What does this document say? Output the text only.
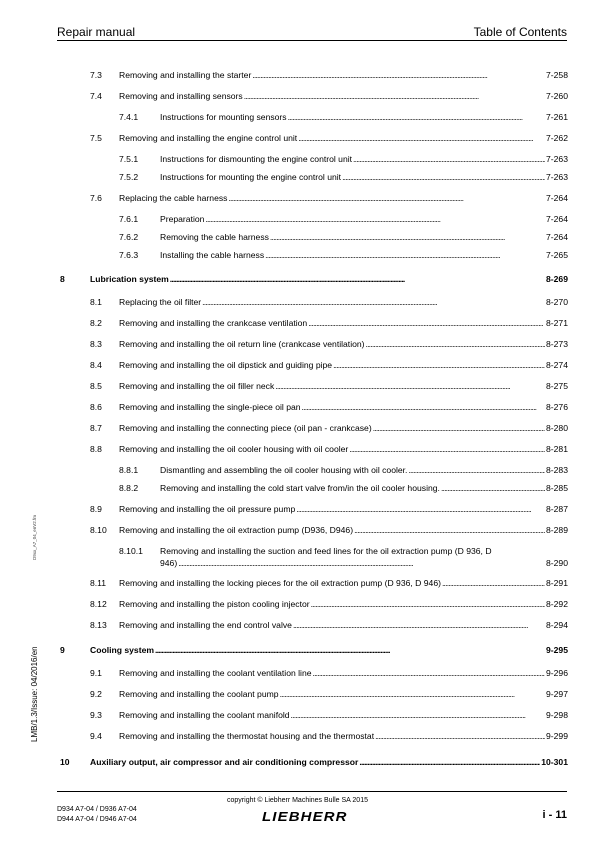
Repair manual	Table of Contents
7.3 Removing and installing the starter . . .	7-258
7.4 Removing and installing sensors . . .	7-260
7.4.1	Instructions for mounting sensors . . .	7-261
7.5 Removing and installing the engine control unit . . .	7-262
7.5.1	Instructions for dismounting the engine control unit . . .	7-263
7.5.2	Instructions for mounting the engine control unit . . .	7-263
7.6 Replacing the cable harness . . .	7-264
7.6.1	Preparation . . .	7-264
7.6.2	Removing the cable harness . . .	7-264
7.6.3	Installing the cable harness . . .	7-265
8	Lubrication system . . .	8-269
8.1 Replacing the oil filter . . .	8-270
8.2 Removing and installing the crankcase ventilation . . .	8-271
8.3 Removing and installing the oil return line (crankcase ventilation) . . .	8-273
8.4 Removing and installing the oil dipstick and guiding pipe . . .	8-274
8.5 Removing and installing the oil filler neck . . .	8-275
8.6 Removing and installing the single-piece oil pan . . .	8-276
8.7 Removing and installing the connecting piece (oil pan - crankcase) . . .	8-280
8.8 Removing and installing the oil cooler housing with oil cooler . . .	8-281
8.8.1	Dismantling and assembling the oil cooler housing with oil cooler. . . .	8-283
8.8.2	Removing and installing the cold start valve from/in the oil cooler housing. . . .	8-285
8.9 Removing and installing the oil pressure pump . . .	8-287
8.10 Removing and installing the oil extraction pump (D936, D946) . . .	8-289
8.10.1 Removing and installing the suction and feed lines for the oil extraction pump (D 936, D
946) . . .	8-290
8.11 Removing and installing the locking pieces for the oil extraction pump (D 936, D 946) . . .	8-291
8.12 Removing and installing the piston cooling injector . . .	8-292
8.13 Removing and installing the end control valve . . .	8-294
9	Cooling system . . .	9-295
9.1 Removing and installing the coolant ventilation line . . .	9-296
9.2 Removing and installing the coolant pump . . .	9-297
9.3 Removing and installing the coolant manifold . . .	9-298
9.4 Removing and installing the thermostat housing and the thermostat . . .	9-299
10 Auxiliary output, air compressor and air conditioning compressor . . .	10-301
D9xx_A7_04_enV2.fm
LMB/1.3/Issue: 04/2016/en
copyright © Liebherr Machines Bulle SA 2015
D934 A7-04 / D936 A7-04
D944 A7-04 / D946 A7-04	LIEBHERR	i - 11
